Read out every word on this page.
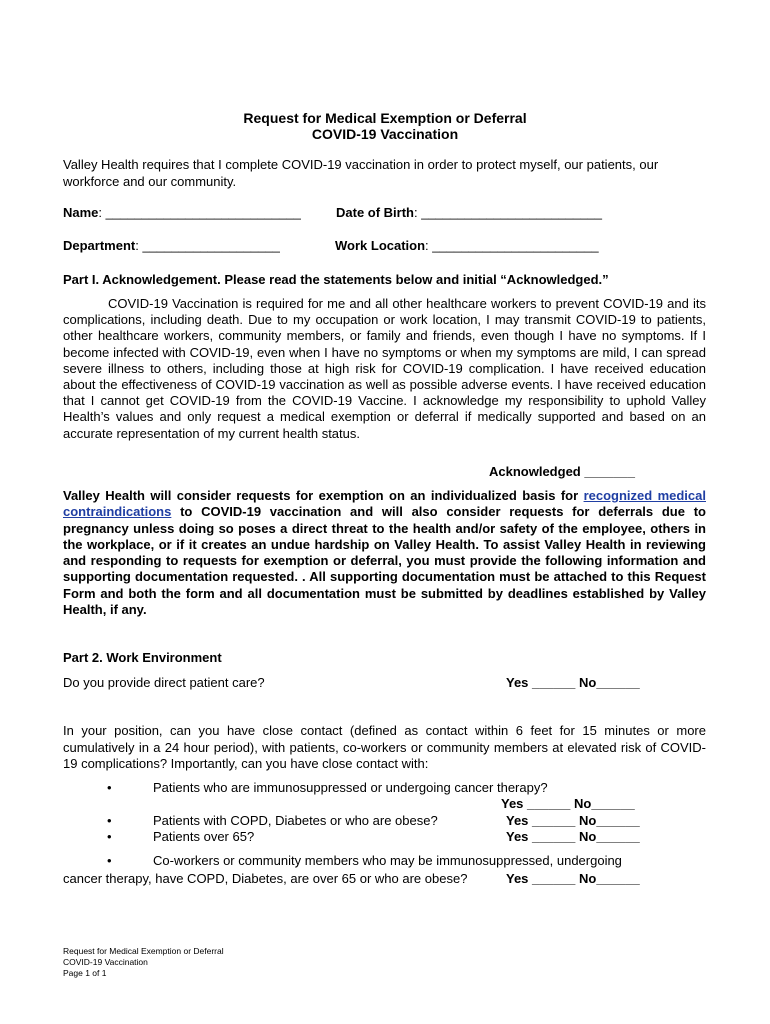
Request for Medical Exemption or Deferral
COVID-19 Vaccination

Valley Health requires that I complete COVID-19 vaccination in order to protect myself, our patients, our workforce and our community.

Name: ___________________________	Date of Birth: _________________________
Department: ___________________	Work Location: _______________________
Part I. Acknowledgement. Please read the statements below and initial “Acknowledged.”

COVID-19 Vaccination is required for me and all other healthcare workers to prevent COVID-19 and its complications, including death. Due to my occupation or work location, I may transmit COVID-19 to patients, other healthcare workers, community members, or family and friends, even though I have no symptoms. If I become infected with COVID-19, even when I have no symptoms or when my symptoms are mild, I can spread severe illness to others, including those at high risk for COVID-19 complication. I have received education about the effectiveness of COVID-19 vaccination as well as possible adverse events. I have received education that I cannot get COVID-19 from the COVID-19 Vaccine. I acknowledge my responsibility to uphold Valley Health’s values and only request a medical exemption or deferral if medically supported and based on an accurate representation of my current health status.

Acknowledged _______

Valley Health will consider requests for exemption on an individualized basis for recognized medical contraindications to COVID-19 vaccination and will also consider requests for deferrals due to pregnancy unless doing so poses a direct threat to the health and/or safety of the employee, others in the workplace, or if it creates an undue hardship on Valley Health. To assist Valley Health in reviewing and responding to requests for exemption or deferral, you must provide the following information and supporting documentation requested. . All supporting documentation must be attached to this Request Form and both the form and all documentation must be submitted by deadlines established by Valley Health, if any.

Part 2. Work Environment
Do you provide direct patient care?	Yes ______ No______

In your position, can you have close contact (defined as contact within 6 feet for 15 minutes or more cumulatively in a 24 hour period), with patients, co-workers or community members at elevated risk of COVID-19 complications? Importantly, can you have close contact with:

•	Patients who are immunosuppressed or undergoing cancer therapy?
Yes ______ No______
•	Patients with COPD, Diabetes or who are obese?	Yes ______ No______
•	Patients over 65?	Yes ______ No______
•	Co-workers or community members who may be immunosuppressed, undergoing
cancer therapy, have COPD, Diabetes, are over 65 or who are obese?	Yes ______ No______
Request for Medical Exemption or Deferral
COVID-19 Vaccination
Page 1 of 1
